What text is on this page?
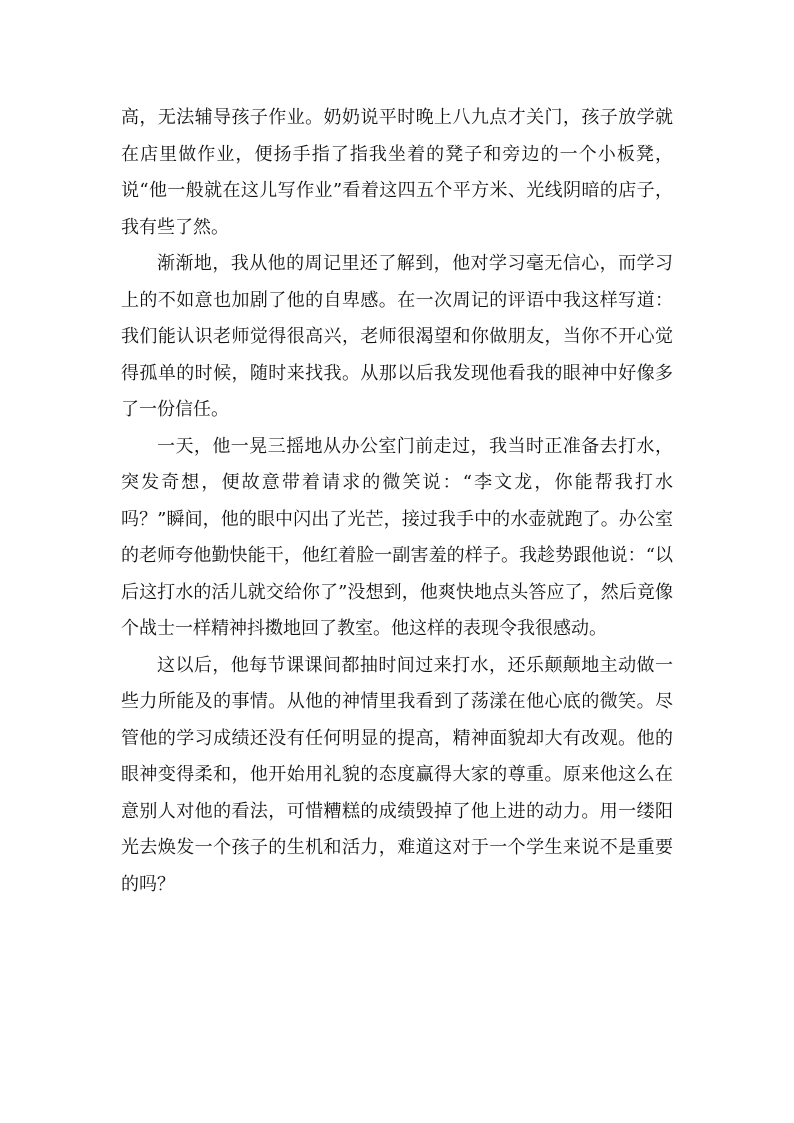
高，无法辅导孩子作业。奶奶说平时晚上八九点才关门，孩子放学就在店里做作业，便扬手指了指我坐着的凳子和旁边的一个小板凳，说“他一般就在这儿写作业”看着这四五个平方米、光线阴暗的店子，我有些了然。

渐渐地，我从他的周记里还了解到，他对学习毫无信心，而学习上的不如意也加剧了他的自卑感。在一次周记的评语中我这样写道：我们能认识老师觉得很高兴，老师很渴望和你做朋友，当你不开心觉得孤单的时候，随时来找我。从那以后我发现他看我的眼神中好像多了一份信任。

一天，他一晃三摇地从办公室门前走过，我当时正准备去打水，突发奇想，便故意带着请求的微笑说：“李文龙，你能帮我打水吗？”瞬间，他的眼中闪出了光芒，接过我手中的水壶就跑了。办公室的老师夸他勤快能干，他红着脸一副害羞的样子。我趁势跟他说：“以后这打水的活儿就交给你了”没想到，他爽快地点头答应了，然后竟像个战士一样精神抖擞地回了教室。他这样的表现令我很感动。

这以后，他每节课课间都抽时间过来打水，还乐颠颠地主动做一些力所能及的事情。从他的神情里我看到了荡漾在他心底的微笑。尽管他的学习成绩还没有任何明显的提高，精神面貌却大有改观。他的眼神变得柔和，他开始用礼貌的态度赢得大家的尊重。原来他这么在意别人对他的看法，可惜糟糕的成绩毁掉了他上进的动力。用一缕阳光去焕发一个孩子的生机和活力，难道这对于一个学生来说不是重要的吗？
